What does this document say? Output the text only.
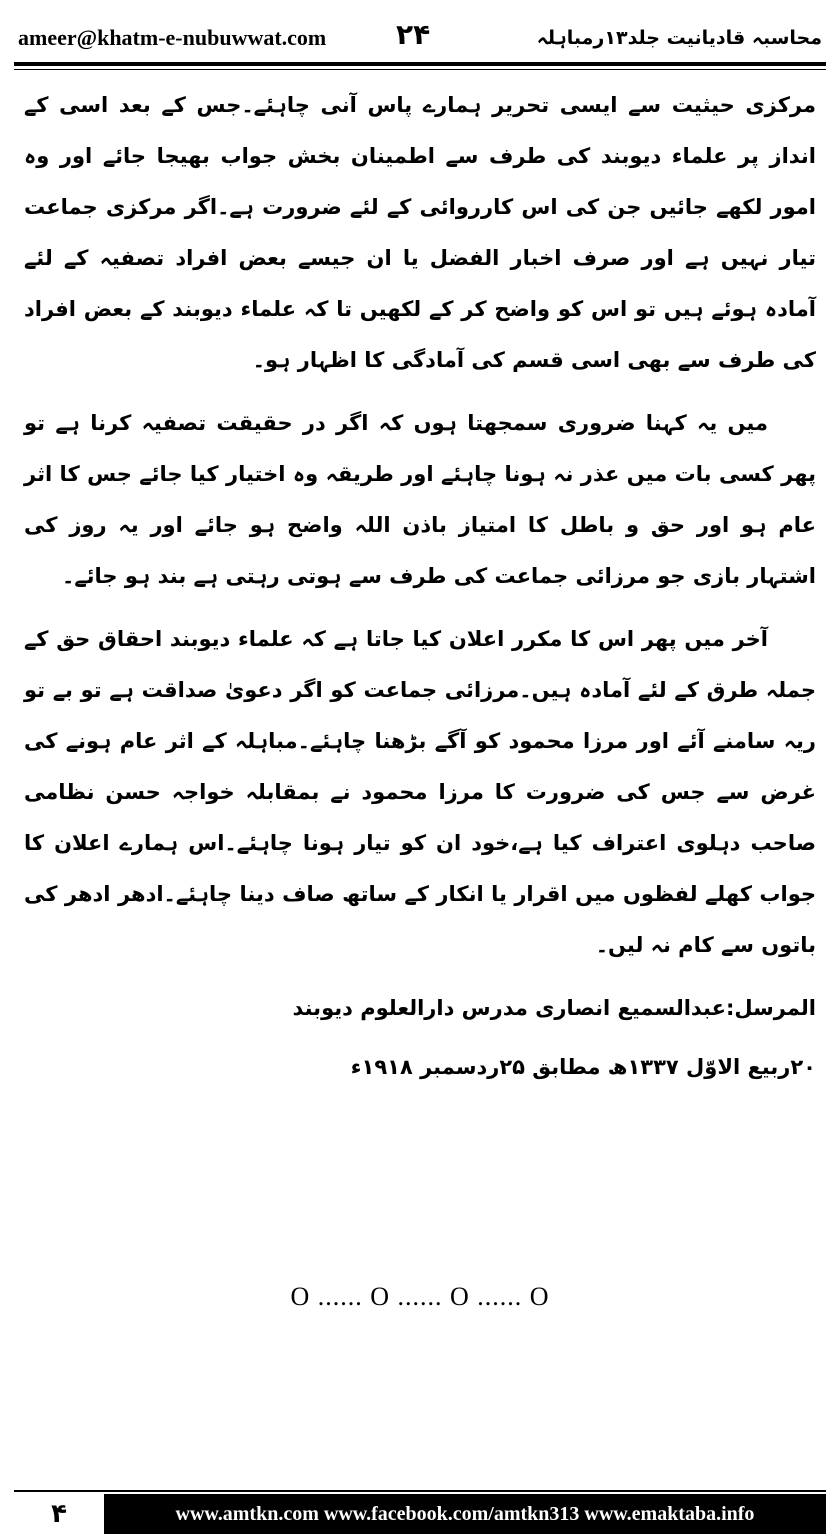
ameer@khatm-e-nubuwwat.com ۲۴	محاسبہ قادیانیت جلد۱۳رمباہلہ

مرکزی حیثیت سے ایسی تحریر ہمارے پاس آنی چاہئے۔جس کے بعد اسی کے انداز پر علماء دیوبند کی طرف سے اطمینان بخش جواب بھیجا جائے اور وہ امور لکھے جائیں جن کی اس کارروائی کے لئے ضرورت ہے۔اگر مرکزی جماعت تیار نہیں ہے اور صرف اخبار الفضل یا ان جیسے بعض افراد تصفیہ کے لئے آمادہ ہوئے ہیں تو اس کو واضح کر کے لکھیں تا کہ علماء دیوبند کے بعض افراد کی طرف سے بھی اسی قسم کی آمادگی کا اظہار ہو۔

میں یہ کہنا ضروری سمجھتا ہوں کہ اگر در حقیقت تصفیہ کرنا ہے تو پھر کسی بات میں عذر نہ ہونا چاہئے اور طریقہ وہ اختیار کیا جائے جس کا اثر عام ہو اور حق و باطل کا امتیاز باذن اللہ واضح ہو جائے اور یہ روز کی اشتہار بازی جو مرزائی جماعت کی طرف سے ہوتی رہتی ہے بند ہو جائے۔

آخر میں پھر اس کا مکرر اعلان کیا جاتا ہے کہ علماء دیوبند احقاق حق کے جملہ طرق کے لئے آمادہ ہیں۔مرزائی جماعت کو اگر دعویٰ صداقت ہے تو بے تو ریہ سامنے آئے اور مرزا محمود کو آگے بڑھنا چاہئے۔مباہلہ کے اثر عام ہونے کی غرض سے جس کی ضرورت کا مرزا محمود نے بمقابلہ خواجہ حسن نظامی صاحب دہلوی اعتراف کیا ہے،خود ان کو تیار ہونا چاہئے۔اس ہمارے اعلان کا جواب کھلے لفظوں میں اقرار یا انکار کے ساتھ صاف دینا چاہئے۔ادھر ادھر کی باتوں سے کام نہ لیں۔

المرسل:عبدالسمیع انصاری مدرس دارالعلوم دیوبند

۲۰ربیع الاوّل ۱۳۳۷ھ مطابق ۲۵ردسمبر ۱۹۱۸ء

O ...... O ...... O ...... O
۴	www.amtkn.com www.facebook.com/amtkn313 www.emaktaba.info
